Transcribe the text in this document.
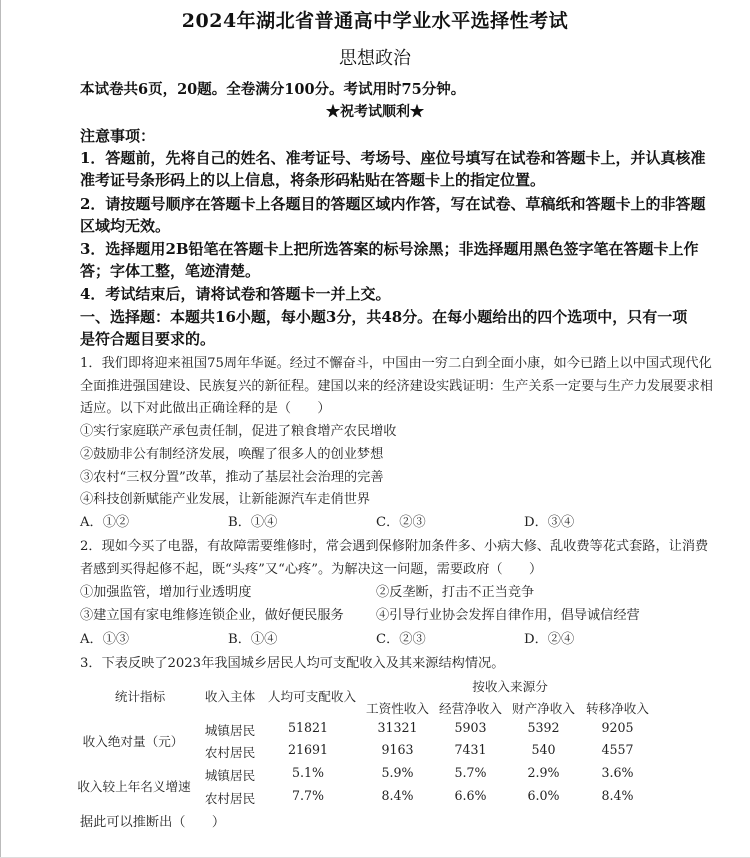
2024年湖北省普通高中学业水平选择性考试
思想政治
本试卷共6页，20题。全卷满分100分。考试用时75分钟。
★祝考试顺利★
注意事项：
1．答题前，先将自己的姓名、准考证号、考场号、座位号填写在试卷和答题卡上，并认真核准
准考证号条形码上的以上信息，将条形码粘贴在答题卡上的指定位置。
2．请按题号顺序在答题卡上各题目的答题区域内作答，写在试卷、草稿纸和答题卡上的非答题
区域均无效。
3．选择题用2B铅笔在答题卡上把所选答案的标号涂黑；非选择题用黑色签字笔在答题卡上作
答；字体工整，笔迹清楚。
4．考试结束后，请将试卷和答题卡一并上交。
一、选择题：本题共16小题，每小题3分，共48分。在每小题给出的四个选项中，只有一项
是符合题目要求的。
1．我们即将迎来祖国75周年华诞。经过不懈奋斗，中国由一穷二白到全面小康，如今已踏上以中国式现代化
全面推进强国建设、民族复兴的新征程。建国以来的经济建设实践证明：生产关系一定要与生产力发展要求相
适应。以下对此做出正确诠释的是（　　）
①实行家庭联产承包责任制，促进了粮食增产农民增收
②鼓励非公有制经济发展，唤醒了很多人的创业梦想
③农村“三权分置”改革，推动了基层社会治理的完善
④科技创新赋能产业发展，让新能源汽车走俏世界
A．①②	B．①④	C．②③	D．③④
2．现如今买了电器，有故障需要维修时，常会遇到保修附加条件多、小病大修、乱收费等花式套路，让消费
者感到买得起修不起，既“头疼”又“心疼”。为解决这一问题，需要政府（　　）
①加强监管，增加行业透明度	②反垄断，打击不正当竞争
③建立国有家电维修连锁企业，做好便民服务 ④引导行业协会发挥自律作用，倡导诚信经营
A．①③	B．①④	C．②③	D．②④
3．下表反映了2023年我国城乡居民人均可支配收入及其来源结构情况。
统计指标	收入主体	人均可支配收入
按收入来源分
工资性收入 经营净收入 财产净收入 转移净收入
收入绝对量（元）
收入较上年名义增速
城镇居民	51821	31321	5903	5392	9205
农村居民	21691	9163	7431	540	4557
城镇居民	5.1%	5.9%	5.7%	2.9%	3.6%
农村居民	7.7%	8.4%	6.6%	6.0%	8.4%
据此可以推断出（　　）
